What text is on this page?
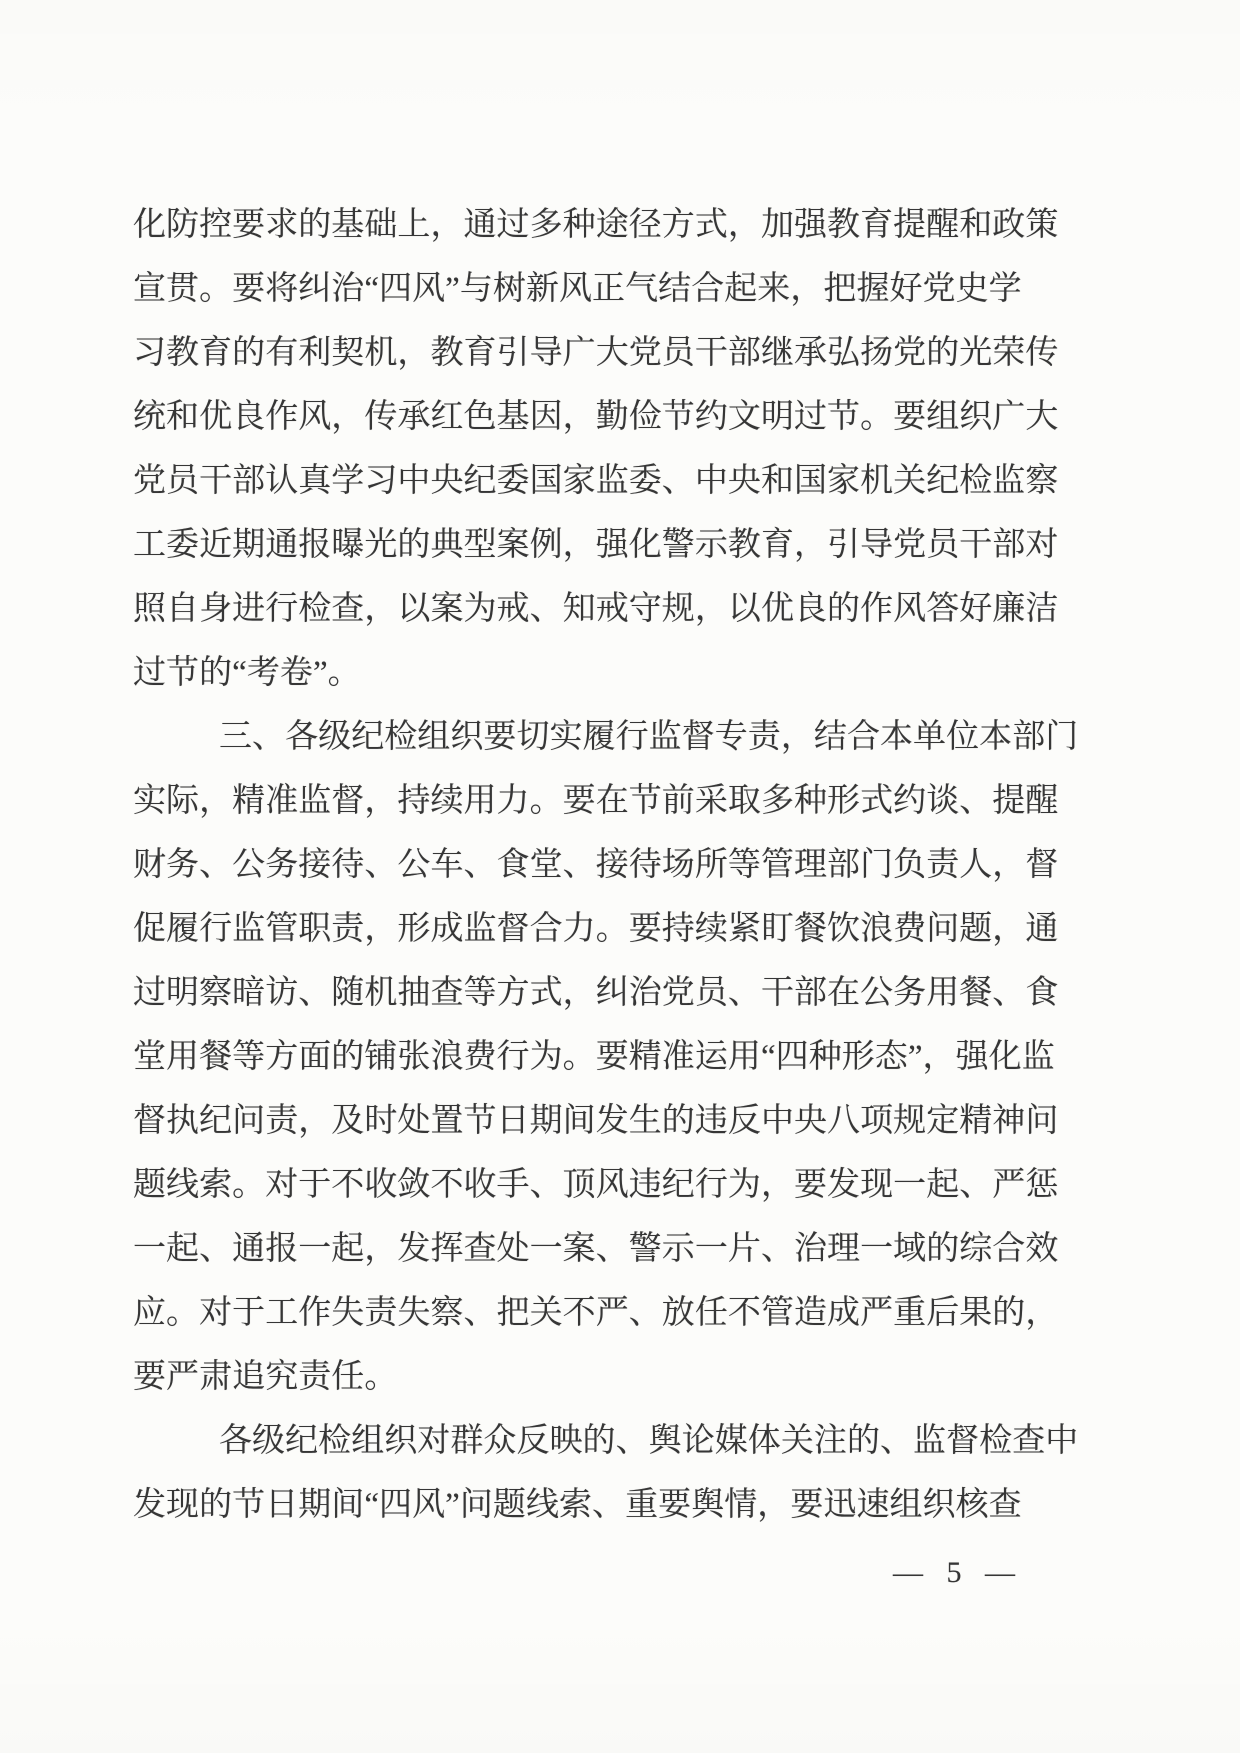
化防控要求的基础上，通过多种途径方式，加强教育提醒和政策
宣贯。要将纠治“四风”与树新风正气结合起来，把握好党史学
习教育的有利契机，教育引导广大党员干部继承弘扬党的光荣传
统和优良作风，传承红色基因，勤俭节约文明过节。要组织广大
党员干部认真学习中央纪委国家监委、中央和国家机关纪检监察
工委近期通报曝光的典型案例，强化警示教育，引导党员干部对
照自身进行检查，以案为戒、知戒守规，以优良的作风答好廉洁
过节的“考卷”。
三、各级纪检组织要切实履行监督专责，结合本单位本部门
实际，精准监督，持续用力。要在节前采取多种形式约谈、提醒
财务、公务接待、公车、食堂、接待场所等管理部门负责人，督
促履行监管职责，形成监督合力。要持续紧盯餐饮浪费问题，通
过明察暗访、随机抽查等方式，纠治党员、干部在公务用餐、食
堂用餐等方面的铺张浪费行为。要精准运用“四种形态”，强化监
督执纪问责，及时处置节日期间发生的违反中央八项规定精神问
题线索。对于不收敛不收手、顶风违纪行为，要发现一起、严惩
一起、通报一起，发挥查处一案、警示一片、治理一域的综合效
应。对于工作失责失察、把关不严、放任不管造成严重后果的，
要严肃追究责任。
各级纪检组织对群众反映的、舆论媒体关注的、监督检查中
发现的节日期间“四风”问题线索、重要舆情，要迅速组织核查
— 5 —
